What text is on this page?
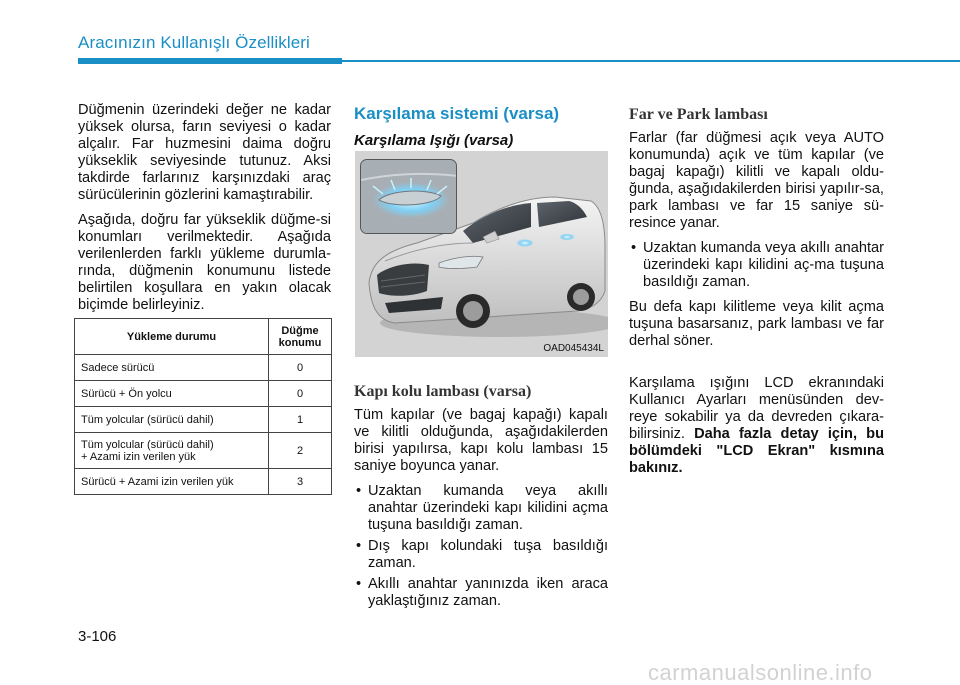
Aracınızın Kullanışlı Özellikleri

Düğmenin üzerindeki değer ne kadar yüksek olursa, farın seviyesi o kadar alçalır. Far huzmesini daima doğru yükseklik seviyesinde tutunuz. Aksi takdirde farlarınız karşınızdaki araç sürücülerinin gözlerini kamaştırabilir.

Aşağıda, doğru far yükseklik düğme-si konumları verilmektedir. Aşağıda verilenlerden farklı yükleme durumla-rında, düğmenin konumunu listede belirtilen koşullara en yakın olacak biçimde belirleyiniz.

Yükleme durumu	Düğme
konumu
Sadece sürücü	0
Sürücü + Ön yolcu	0
Tüm yolcular (sürücü dahil)	1
Tüm yolcular (sürücü dahil)
+ Azami izin verilen yük	2
Sürücü + Azami izin verilen yük	3
Karşılama sistemi (varsa)
Karşılama Işığı (varsa)
Kapı kolu lambası (varsa)

Tüm kapılar (ve bagaj kapağı) kapalı ve kilitli olduğunda, aşağıdakilerden birisi yapılırsa, kapı kolu lambası 15 saniye boyunca yanar.

• Uzaktan kumanda veya akıllı anahtar üzerindeki kapı kilidini açma tuşuna basıldığı zaman.
• Dış kapı kolundaki tuşa basıldığı zaman.
• Akıllı anahtar yanınızda iken araca yaklaştığınız zaman.
OAD045434L
Far ve Park lambası

Farlar (far düğmesi açık veya AUTO konumunda) açık ve tüm kapılar (ve bagaj kapağı) kilitli ve kapalı oldu-ğunda, aşağıdakilerden birisi yapılır-sa, park lambası ve far 15 saniye sü-resince yanar.

• Uzaktan kumanda veya akıllı anahtar üzerindeki kapı kilidini aç-ma tuşuna basıldığı zaman.

Bu defa kapı kilitleme veya kilit açma tuşuna basarsanız, park lambası ve far derhal söner.

Karşılama ışığını LCD ekranındaki Kullanıcı Ayarları menüsünden dev-reye sokabilir ya da devreden çıkara-bilirsiniz. Daha fazla detay için, bu bölümdeki "LCD Ekran" kısmına bakınız.

3-106
carmanualsonline.info
